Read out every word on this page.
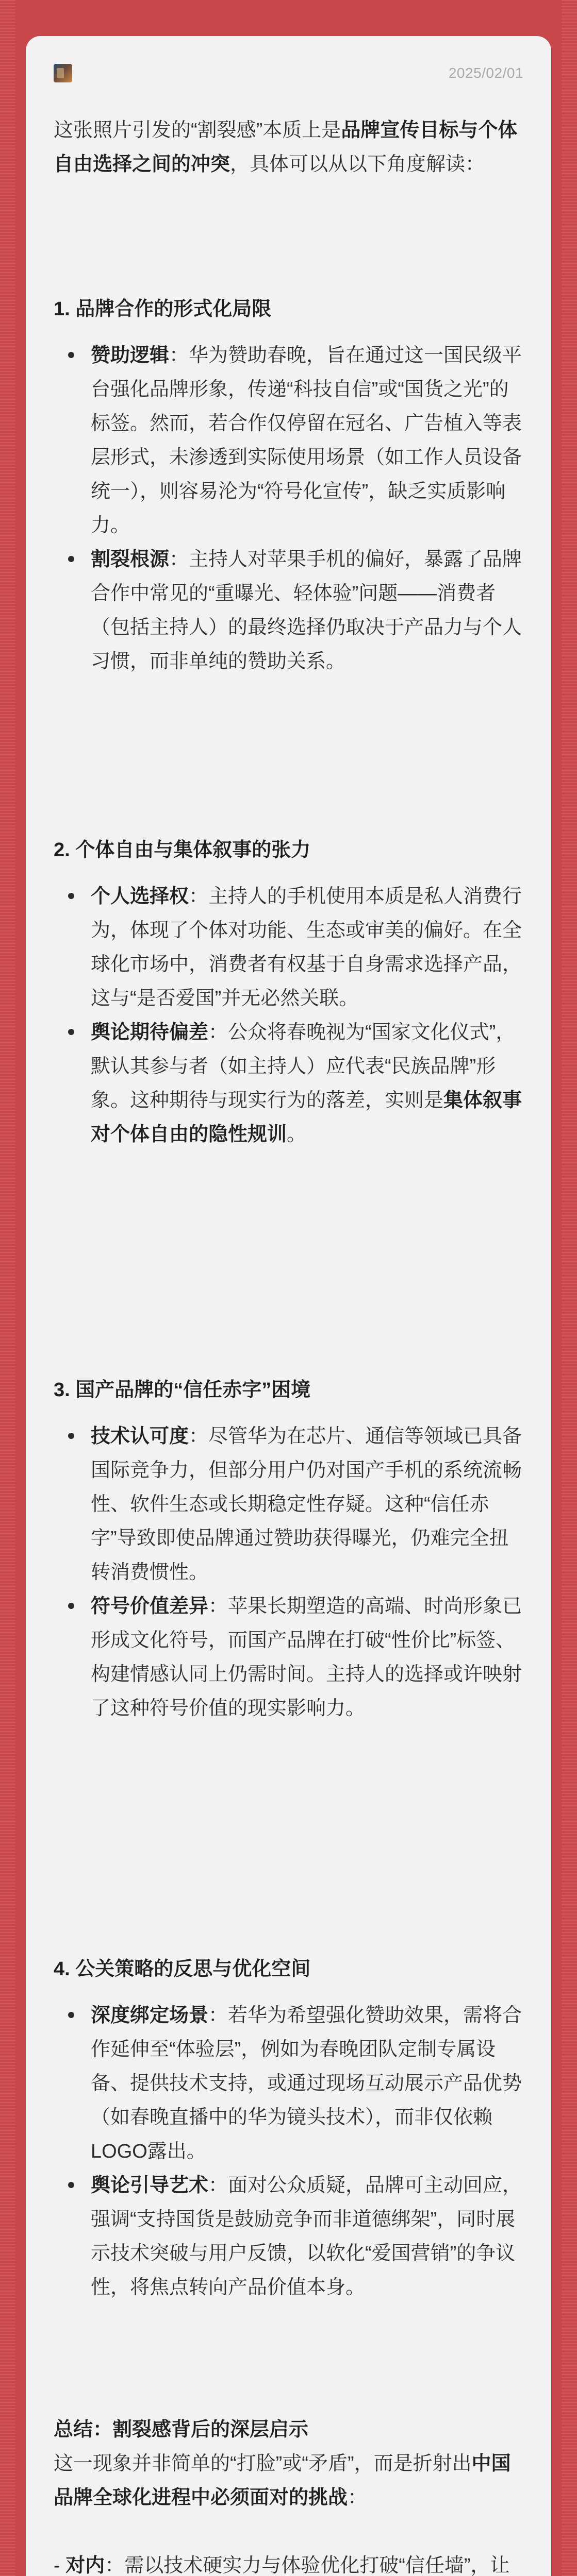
2025/02/01

这张照片引发的“割裂感”本质上是品牌宣传目标与个体自由选择之间的冲突，具体可以从以下角度解读：

1. 品牌合作的形式化局限
赞助逻辑：华为赞助春晚，旨在通过这一国民级平台强化品牌形象，传递“科技自信”或“国货之光”的标签。然而，若合作仅停留在冠名、广告植入等表层形式，未渗透到实际使用场景（如工作人员设备统一），则容易沦为“符号化宣传”，缺乏实质影响力。
割裂根源：主持人对苹果手机的偏好，暴露了品牌合作中常见的“重曝光、轻体验”问题——消费者（包括主持人）的最终选择仍取决于产品力与个人习惯，而非单纯的赞助关系。
2. 个体自由与集体叙事的张力
个人选择权：主持人的手机使用本质是私人消费行为，体现了个体对功能、生态或审美的偏好。在全球化市场中，消费者有权基于自身需求选择产品，这与“是否爱国”并无必然关联。
舆论期待偏差：公众将春晚视为“国家文化仪式”，默认其参与者（如主持人）应代表“民族品牌”形象。这种期待与现实行为的落差，实则是集体叙事对个体自由的隐性规训。
3. 国产品牌的“信任赤字”困境
技术认可度：尽管华为在芯片、通信等领域已具备国际竞争力，但部分用户仍对国产手机的系统流畅性、软件生态或长期稳定性存疑。这种“信任赤字”导致即使品牌通过赞助获得曝光，仍难完全扭转消费惯性。
符号价值差异：苹果长期塑造的高端、时尚形象已形成文化符号，而国产品牌在打破“性价比”标签、构建情感认同上仍需时间。主持人的选择或许映射了这种符号价值的现实影响力。
4. 公关策略的反思与优化空间
深度绑定场景：若华为希望强化赞助效果，需将合作延伸至“体验层”，例如为春晚团队定制专属设备、提供技术支持，或通过现场互动展示产品优势（如春晚直播中的华为镜头技术），而非仅依赖LOGO露出。
舆论引导艺术：面对公众质疑，品牌可主动回应，强调“支持国货是鼓励竞争而非道德绑架”，同时展示技术突破与用户反馈，以软化“爱国营销”的争议性，将焦点转向产品价值本身。

总结：割裂感背后的深层启示

这一现象并非简单的“打脸”或“矛盾”，而是折射出中国品牌全球化进程中必须面对的挑战：

- 对内：需以技术硬实力与体验优化打破“信任墙”，让
